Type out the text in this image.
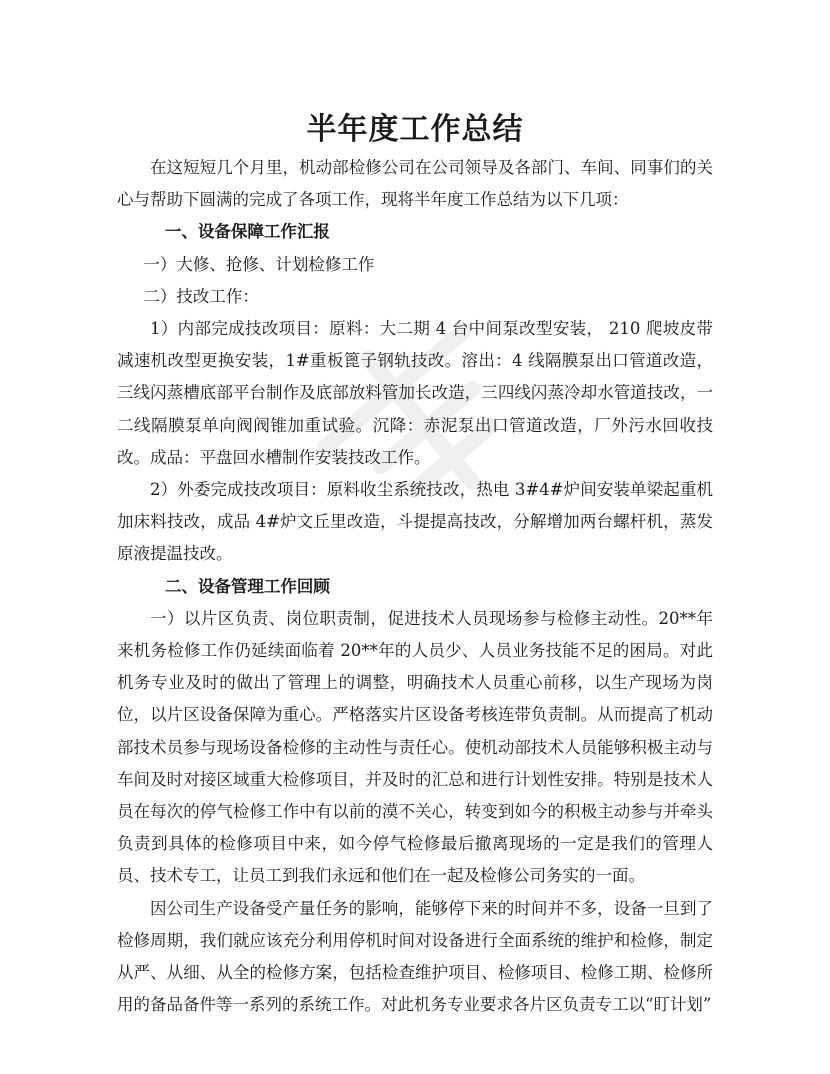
半年度工作总结

在这短短几个月里，机动部检修公司在公司领导及各部门、车间、同事们的关心与帮助下圆满的完成了各项工作，现将半年度工作总结为以下几项：

一、设备保障工作汇报

一）大修、抢修、计划检修工作

二）技改工作：

1）内部完成技改项目：原料：大二期 4 台中间泵改型安装， 210 爬坡皮带减速机改型更换安装，1#重板篦子钢轨技改。溶出：4 线隔膜泵出口管道改造，三线闪蒸槽底部平台制作及底部放料管加长改造，三四线闪蒸冷却水管道技改，一二线隔膜泵单向阀阀锥加重试验。沉降：赤泥泵出口管道改造，厂外污水回收技改。成品：平盘回水槽制作安装技改工作。

2）外委完成技改项目：原料收尘系统技改，热电 3#4#炉间安装单梁起重机加床料技改，成品 4#炉文丘里改造，斗提提高技改，分解增加两台螺杆机，蒸发原液提温技改。

二、设备管理工作回顾

一）以片区负责、岗位职责制，促进技术人员现场参与检修主动性。20**年来机务检修工作仍延续面临着 20**年的人员少、人员业务技能不足的困局。对此机务专业及时的做出了管理上的调整，明确技术人员重心前移，以生产现场为岗位，以片区设备保障为重心。严格落实片区设备考核连带负责制。从而提高了机动部技术员参与现场设备检修的主动性与责任心。使机动部技术人员能够积极主动与车间及时对接区域重大检修项目，并及时的汇总和进行计划性安排。特别是技术人员在每次的停气检修工作中有以前的漠不关心，转变到如今的积极主动参与并牵头负责到具体的检修项目中来，如今停气检修最后撤离现场的一定是我们的管理人员、技术专工，让员工到我们永远和他们在一起及检修公司务实的一面。

因公司生产设备受产量任务的影响，能够停下来的时间并不多，设备一旦到了检修周期，我们就应该充分利用停机时间对设备进行全面系统的维护和检修，制定从严、从细、从全的检修方案，包括检查维护项目、检修项目、检修工期、检修所用的备品备件等一系列的系统工作。对此机务专业要求各片区负责专工以“盯计划”
